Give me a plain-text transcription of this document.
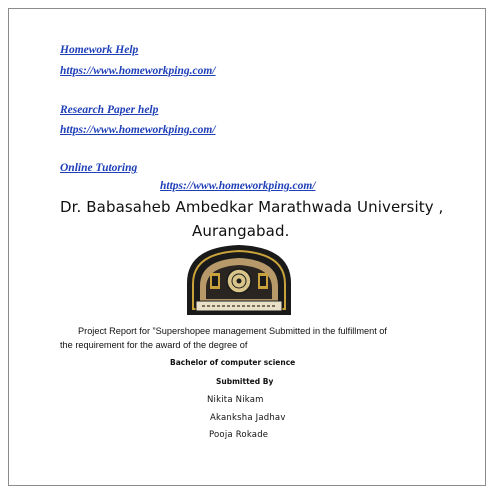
Homework Help
https://www.homeworkping.com/
Research Paper help
https://www.homeworkping.com/
Online Tutoring
https://www.homeworkping.com/
Dr. Babasaheb Ambedkar Marathwada University ,
Aurangabad.
Project Report for ”Supershopee management Submitted in the fulfillment of
the requirement for the award of the degree of
Bachelor of computer science
Submitted By
Nikita Nikam
Akanksha Jadhav
Pooja Rokade
